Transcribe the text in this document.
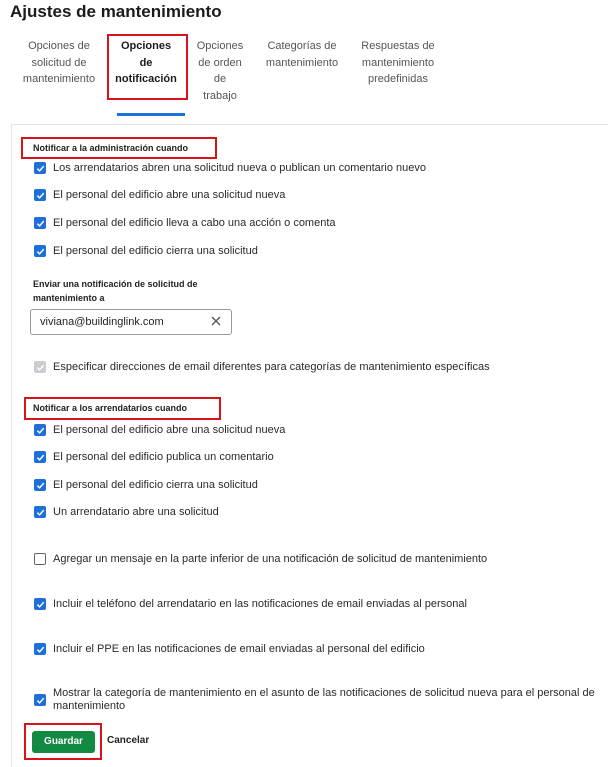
Ajustes de mantenimiento
Opciones de
solicitud de
mantenimiento
Opciones
de
notificación
Opciones
de orden
de
trabajo
Categorías de
mantenimiento
Respuestas de
mantenimiento
predefinidas
Notificar a la administración cuando
Los arrendatarios abren una solicitud nueva o publican un comentario nuevo
El personal del edificio abre una solicitud nueva
El personal del edificio lleva a cabo una acción o comenta
El personal del edificio cierra una solicitud
Enviar una notificación de solicitud de mantenimiento a
viviana@buildinglink.com
Especificar direcciones de email diferentes para categorías de mantenimiento específicas
Notificar a los arrendatarios cuando
El personal del edificio abre una solicitud nueva
El personal del edificio publica un comentario
El personal del edificio cierra una solicitud
Un arrendatario abre una solicitud
Agregar un mensaje en la parte inferior de una notificación de solicitud de mantenimiento
Incluir el teléfono del arrendatario en las notificaciones de email enviadas al personal
Incluir el PPE en las notificaciones de email enviadas al personal del edificio
Mostrar la categoría de mantenimiento en el asunto de las notificaciones de solicitud nueva para el personal de mantenimiento
Guardar	Cancelar
